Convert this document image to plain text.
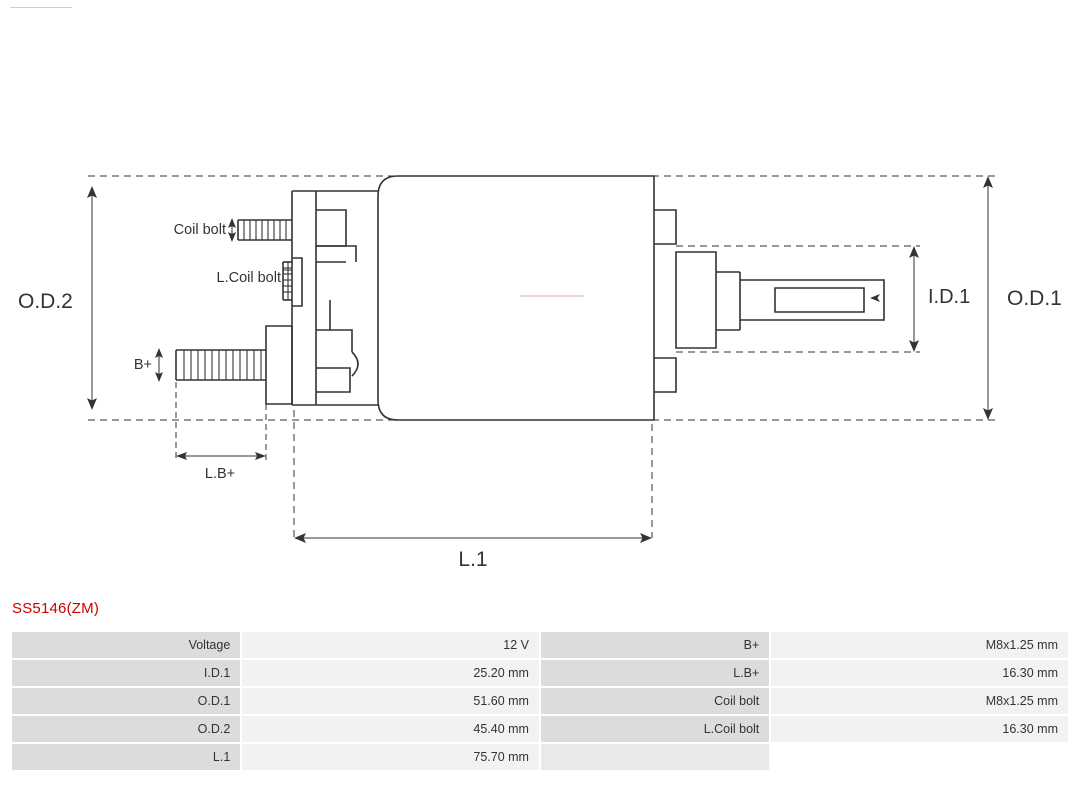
O.D.1
O.D.2	I.D.1
L.1
L.B+
B+
Coil bolt
L.Coil bolt
SS5146(ZM)
Voltage	12 V	B+	M8x1.25 mm
I.D.1	25.20 mm	L.B+	16.30 mm
O.D.1	51.60 mm	Coil bolt	M8x1.25 mm
O.D.2	45.40 mm	L.Coil bolt	16.30 mm
L.1	75.70 mm		
